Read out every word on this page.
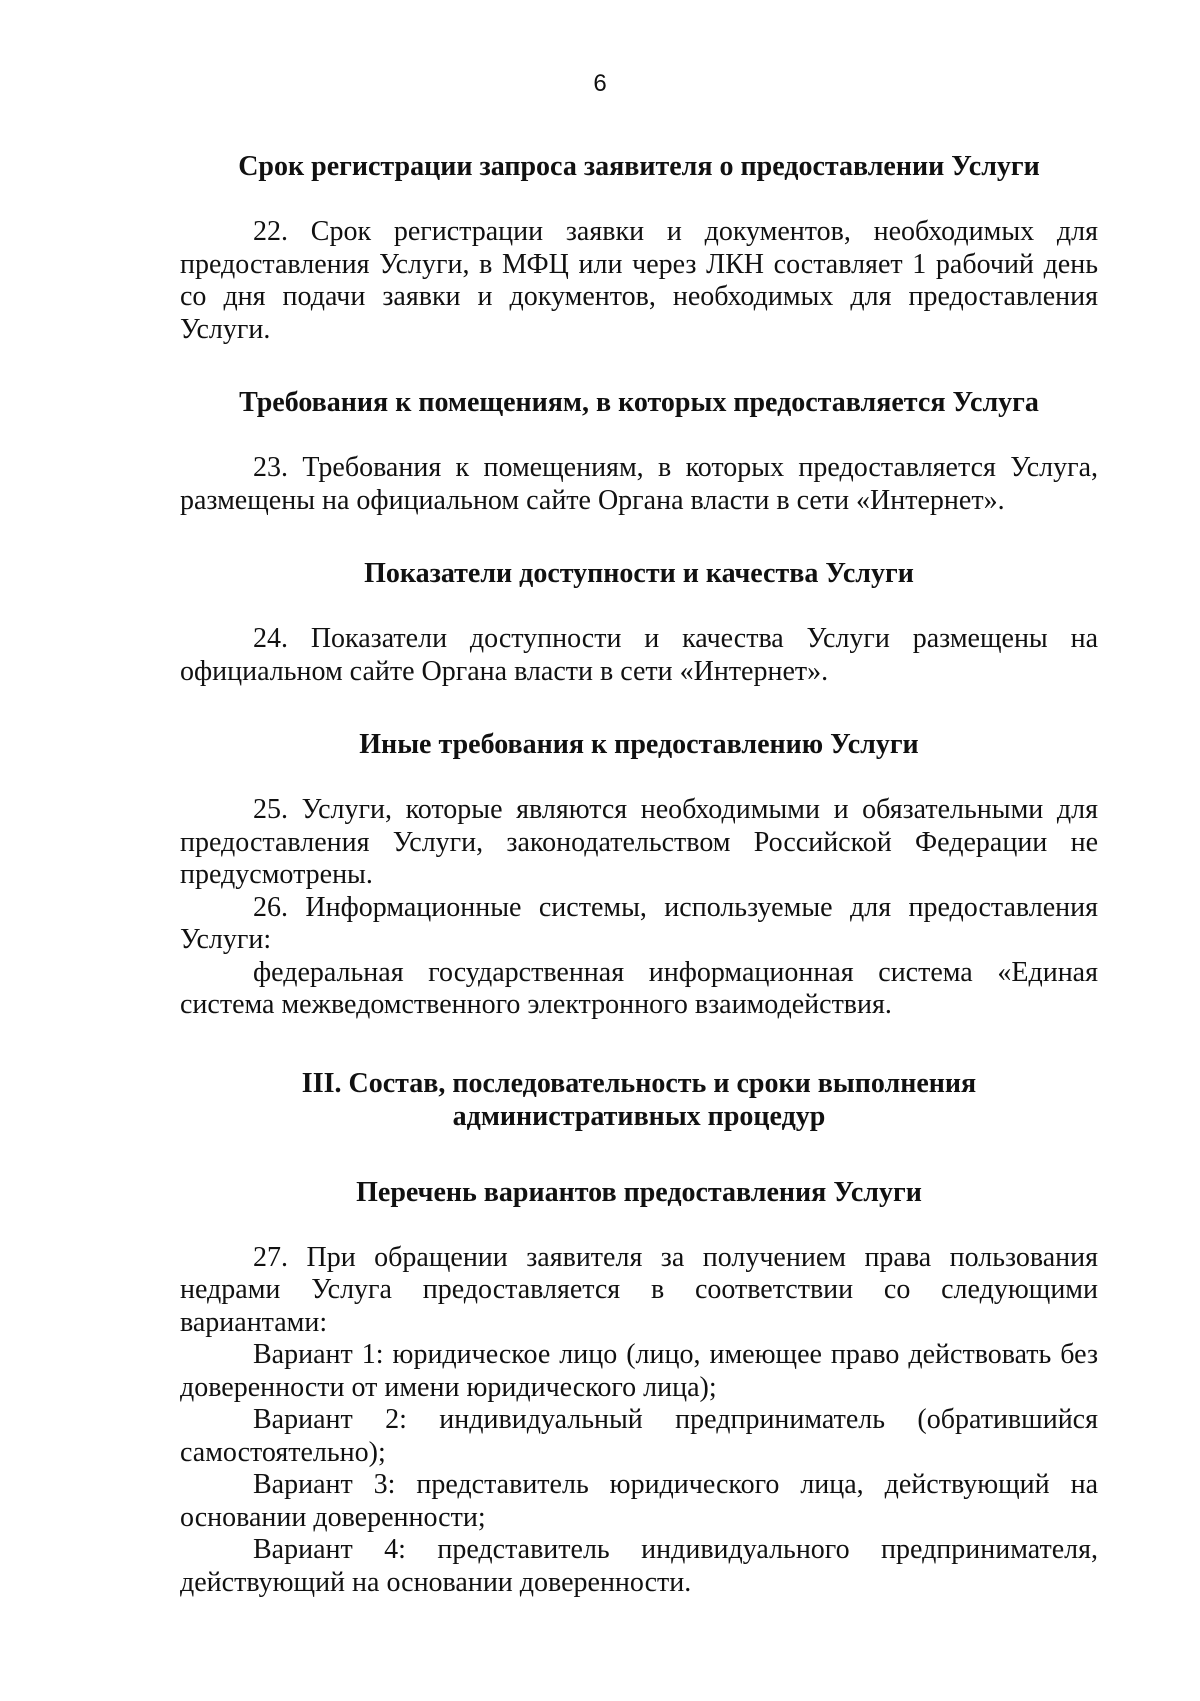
6
Срок регистрации запроса заявителя о предоставлении Услуги

22. Срок регистрации заявки и документов, необходимых для предоставления Услуги, в МФЦ или через ЛКН составляет 1 рабочий день со дня подачи заявки и документов, необходимых для предоставления Услуги.

Требования к помещениям, в которых предоставляется Услуга

23. Требования к помещениям, в которых предоставляется Услуга, размещены на официальном сайте Органа власти в сети «Интернет».

Показатели доступности и качества Услуги

24. Показатели доступности и качества Услуги размещены на официальном сайте Органа власти в сети «Интернет».

Иные требования к предоставлению Услуги

25. Услуги, которые являются необходимыми и обязательными для предоставления Услуги, законодательством Российской Федерации не предусмотрены.

26. Информационные системы, используемые для предоставления Услуги:

федеральная государственная информационная система «Единая система межведомственного электронного взаимодействия.

III. Состав, последовательность и сроки выполнения
административных процедур
Перечень вариантов предоставления Услуги

27. При обращении заявителя за получением права пользования недрами Услуга предоставляется в соответствии со следующими вариантами:

Вариант 1: юридическое лицо (лицо, имеющее право действовать без доверенности от имени юридического лица);

Вариант 2: индивидуальный предприниматель (обратившийся самостоятельно);

Вариант 3: представитель юридического лица, действующий на основании доверенности;

Вариант 4: представитель индивидуального предпринимателя, действующий на основании доверенности.
